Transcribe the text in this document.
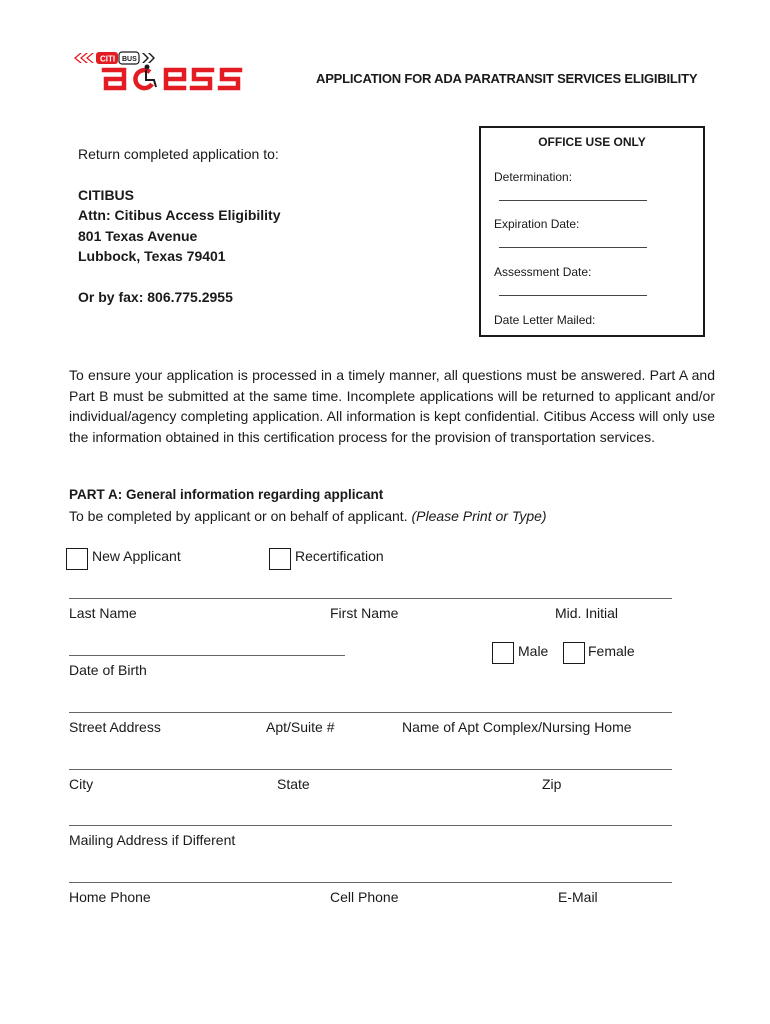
CITI BUS
APPLICATION FOR ADA PARATRANSIT SERVICES ELIGIBILITY
Return completed application to:
CITIBUS
Attn: Citibus Access Eligibility
801 Texas Avenue
Lubbock, Texas 79401
Or by fax: 806.775.2955
OFFICE USE ONLY
Determination:
Expiration Date:
Assessment Date:
Date Letter Mailed:
To ensure your application is processed in a timely manner, all questions must be answered. Part A and Part B must be submitted at the same time. Incomplete applications will be returned to applicant and/or individual/agency completing application. All information is kept confidential. Citibus Access will only use the information obtained in this certification process for the provision of transportation services.
PART A: General information regarding applicant
To be completed by applicant or on behalf of applicant. (Please Print or Type)
New Applicant	Recertification
Last Name	First Name	Mid. Initial
Male	Female
Date of Birth
Street Address	Apt/Suite #	Name of Apt Complex/Nursing Home
City	State	Zip
Mailing Address if Different
Home Phone	Cell Phone	E-Mail
